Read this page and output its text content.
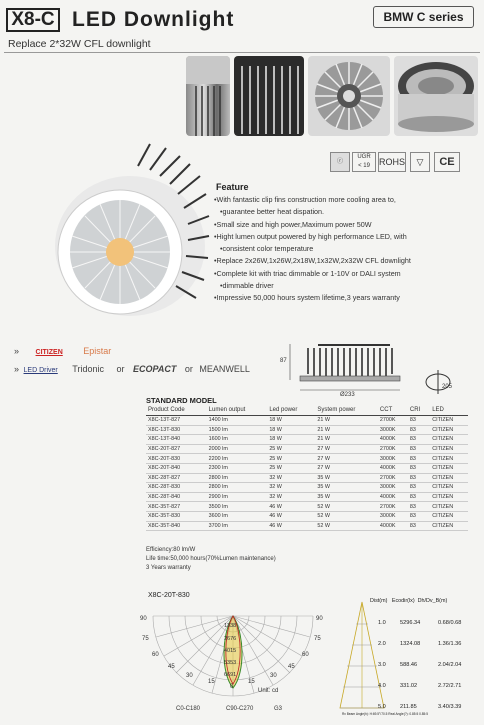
X8-C LED Downlight
Replace 2*32W CFL downlight
BMW C series
ⓡ
UGR
< 19	ROHS	▽	CE
Feature
• With fantastic clip fins construction more cooling area to,
• guarantee better heat dispation.
• Small size and high power,Maximum power 50W
• Hight lumen output powered by high performance LED, with
• consistent color temperature
• Replace 2x26W,1x26W,2x18W,1x32W,2x32W CFL downlight
• Complete kit with triac dimmable or 1-10V or DALI system
• dimmable driver
• Impressive 50,000 hours system lifetime,3 years warranty
» CITIZEN Epistar
» LED Driver Tridonic or ECOPACT or MEANWELL
87
Ø233
205
STANDARD MODEL
Product Code	Lumen output	Led power	System power	CCT	CRI	LED
X8C-13T-827	1400 lm	18 W	21 W	2700K	83	CITIZEN
X8C-13T-830	1500 lm	18 W	21 W	3000K	83	CITIZEN
X8C-13T-840	1600 lm	18 W	21 W	4000K	83	CITIZEN
X8C-20T-827	2000 lm	25 W	27 W	2700K	83	CITIZEN
X8C-20T-830	2200 lm	25 W	27 W	3000K	83	CITIZEN
X8C-20T-840	2300 lm	25 W	27 W	4000K	83	CITIZEN
X8C-28T-827	2800 lm	32 W	35 W	2700K	83	CITIZEN
X8C-28T-830	2800 lm	32 W	35 W	3000K	83	CITIZEN
X8C-28T-840	2900 lm	32 W	35 W	4000K	83	CITIZEN
X8C-35T-827	3500 lm	46 W	52 W	2700K	83	CITIZEN
X8C-35T-830	3600 lm	46 W	52 W	3000K	83	CITIZEN
X8C-35T-840	3700 lm	46 W	52 W	4000K	83	CITIZEN
Efficiency:80 lm/W
Life time:50,000 hours(70%Lumen maintenance)
3 Years warranty
X8C-20T-830
90
75
60
45
30
15
0
15
30
45
60
75
90
1338
2676
4015
5353
6691
Unit: cd
C0-C180	C90-C270	G3
Dist(m)   Ecodir(lx)  Dh/Dv_B(m)
1.0	5296.34	0.68/0.68
2.0	1324.08	1.36/1.36
3.0	588.46	2.04/2.04
4.0	331.02	2.72/2.71
5.0	211.85	3.40/3.39
Rx Beam Angle(h): H:69.5°/70.5 Real Angle(?): 0.85:5 0.85:5
